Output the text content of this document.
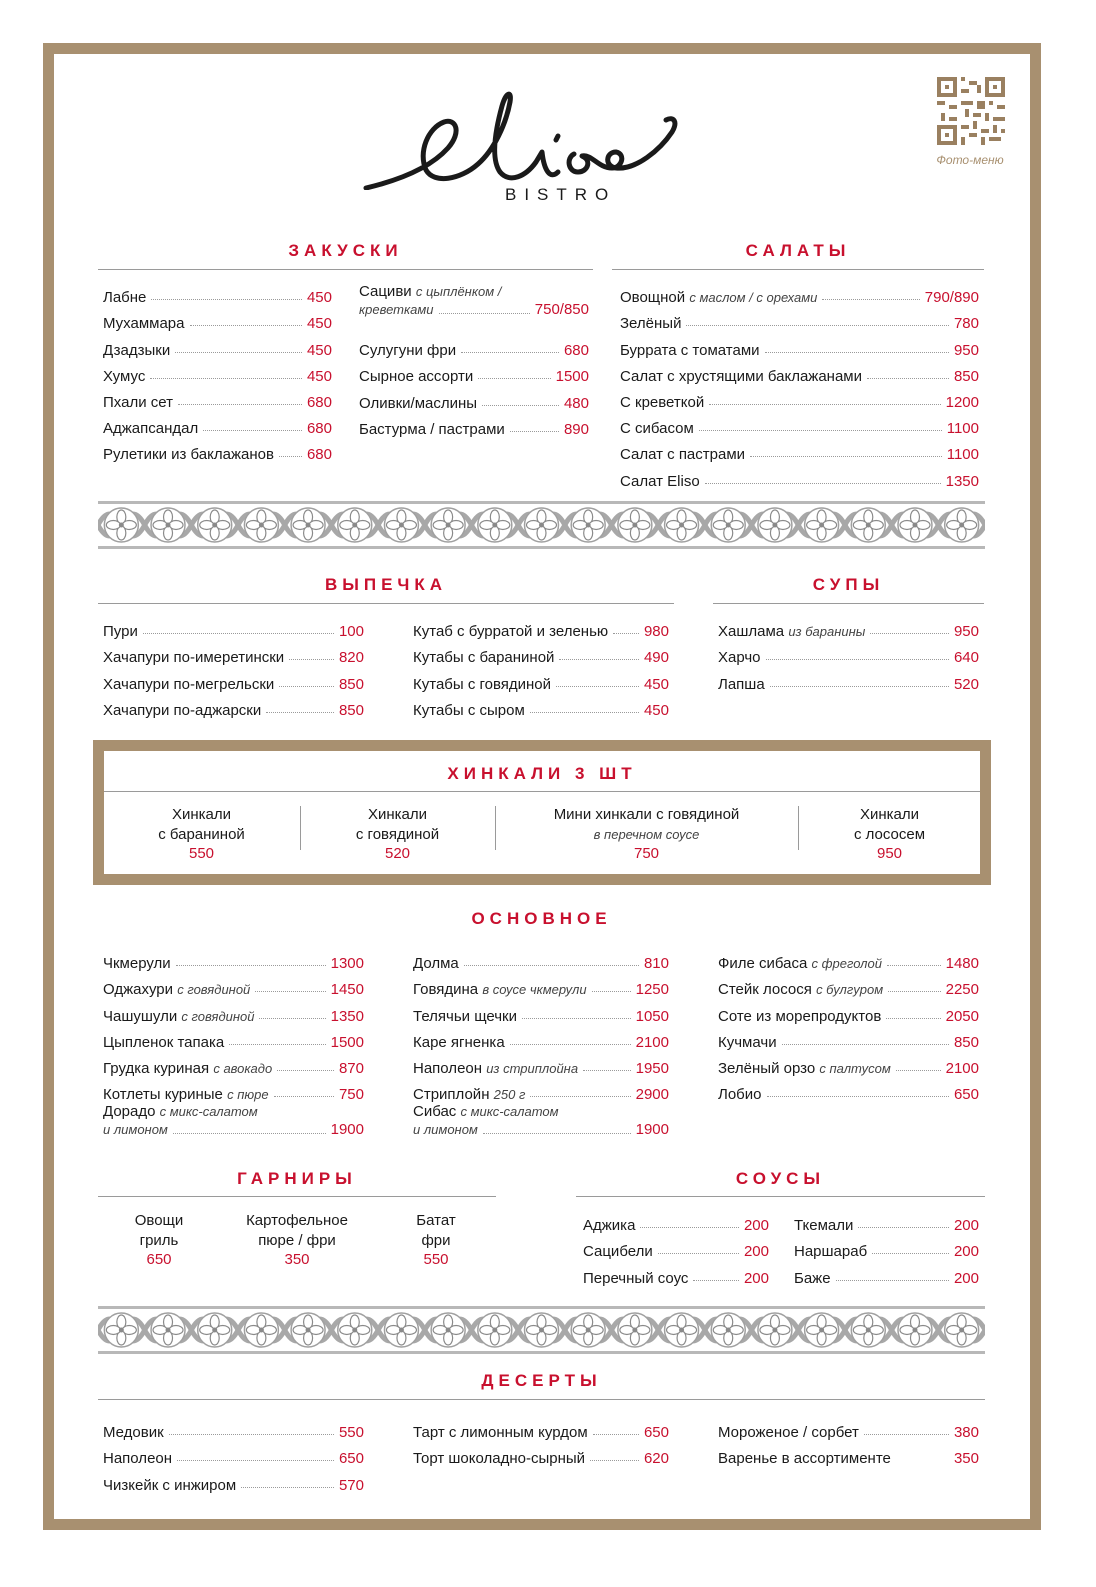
BISTRO
Фото-меню
ЗАКУСКИ
Лабне	450
Мухаммара	450
Дзадзыки	450
Хумус	450
Пхали сет	680
Аджапсандал	680
Рулетики из баклажанов 680
Сациви с цыплёнком /
креветками	750/850
Сулугуни фри	680
Сырное ассорти	1500
Оливки/маслины	480
Бастурма / пастрами	890
САЛАТЫ
Овощной с маслом / с орехами	790/890
Зелёный	780
Буррата с томатами	950
Салат с хрустящими баклажанами	850
С креветкой	1200
С сибасом	1100
Салат с пастрами	1100
Салат Eliso	1350
ВЫПЕЧКА
Пури	100
Хачапури по-имеретински	820
Хачапури по-мегрельски	850
Хачапури по-аджарски	850
Кутаб с бурратой и зеленью 980
Кутабы с бараниной	490
Кутабы с говядиной	450
Кутабы с сыром	450
СУПЫ
Хашлама из баранины	950
Харчо	640
Лапша	520
ХИНКАЛИ 3 ШТ
Хинкали
с бараниной
550
Хинкали
с говядиной
520
Мини хинкали с говядиной
в перечном соусе
750
Хинкали
с лососем
950
ОСНОВНОЕ
Чкмерули	1300
Оджахури с говядиной	1450
Чашушули с говядиной	1350
Цыпленок тапака	1500
Грудка куриная с авокадо	870
Котлеты куриные с пюре	750
Дорадо с микс-салатом
и лимоном	1900
Долма	810
Говядина в соусе чкмерули	1250
Телячьи щечки	1050
Каре ягненка	2100
Наполеон из стриплойна	1950
Стриплойн 250 г	2900
Сибас с микс-салатом
и лимоном	1900
Филе сибаса с фреголой	1480
Стейк лосося с булгуром	2250
Соте из морепродуктов	2050
Кучмачи	850
Зелёный орзо с палтусом	2100
Лобио	650
ГАРНИРЫ
Овощи
гриль
650
Картофельное
пюре / фри
350
Батат
фри
550
СОУСЫ
Аджика	200
Сацибели	200
Перечный соус	200
Ткемали	200
Наршараб	200
Баже	200
ДЕСЕРТЫ
Медовик	550
Наполеон	650
Чизкейк с инжиром	570
Тарт с лимонным курдом	650
Торт шоколадно-сырный	620
Мороженое / сорбет	380
Варенье в ассортименте	350
